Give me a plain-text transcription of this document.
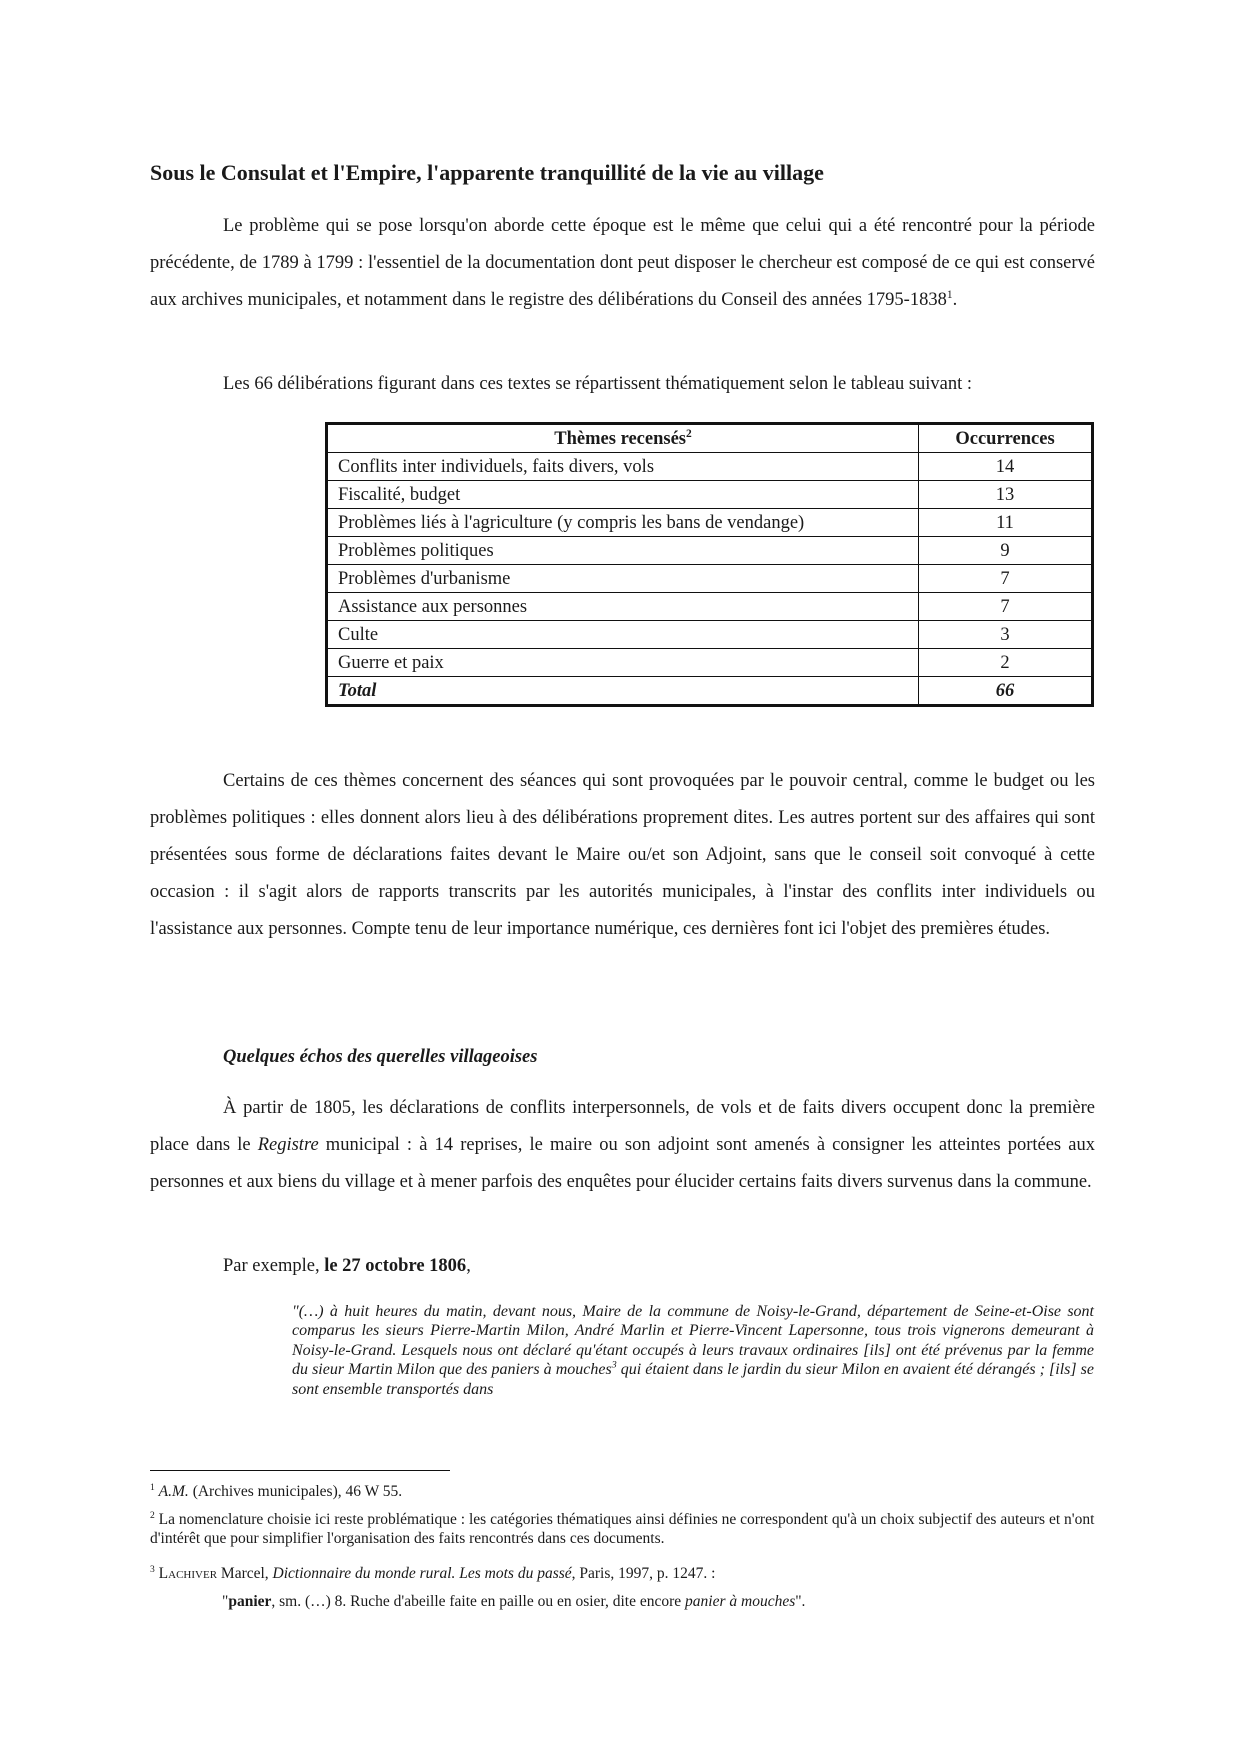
Sous le Consulat et l'Empire, l'apparente tranquillité de la vie au village

Le problème qui se pose lorsqu'on aborde cette époque est le même que celui qui a été rencontré pour la période précédente, de 1789 à 1799 : l'essentiel de la documentation dont peut disposer le chercheur est composé de ce qui est conservé aux archives municipales, et notamment dans le registre des délibérations du Conseil des années 1795-1838$^1$.

Les 66 délibérations figurant dans ces textes se répartissent thématiquement selon le tableau suivant :

Thèmes recensés$^2$	Occurrences
Conflits inter individuels, faits divers, vols	14
Fiscalité, budget	13
Problèmes liés à l'agriculture (y compris les bans de vendange)	11
Problèmes politiques	9
Problèmes d'urbanisme	7
Assistance aux personnes	7
Culte	3
Guerre et paix	2
Total	66

Certains de ces thèmes concernent des séances qui sont provoquées par le pouvoir central, comme le budget ou les problèmes politiques : elles donnent alors lieu à des délibérations proprement dites. Les autres portent sur des affaires qui sont présentées sous forme de déclarations faites devant le Maire ou/et son Adjoint, sans que le conseil soit convoqué à cette occasion : il s'agit alors de rapports transcrits par les autorités municipales, à l'instar des conflits inter individuels ou l'assistance aux personnes. Compte tenu de leur importance numérique, ces dernières font ici l'objet des premières études.

Quelques échos des querelles villageoises

À partir de 1805, les déclarations de conflits interpersonnels, de vols et de faits divers occupent donc la première place dans le Registre municipal : à 14 reprises, le maire ou son adjoint sont amenés à consigner les atteintes portées aux personnes et aux biens du village et à mener parfois des enquêtes pour élucider certains faits divers survenus dans la commune.

Par exemple, le 27 octobre 1806,

"(…) à huit heures du matin, devant nous, Maire de la commune de Noisy-le-Grand, département de Seine-et-Oise sont comparus les sieurs Pierre-Martin Milon, André Marlin et Pierre-Vincent Lapersonne, tous trois vignerons demeurant à Noisy-le-Grand. Lesquels nous ont déclaré qu'étant occupés à leurs travaux ordinaires [ils] ont été prévenus par la femme du sieur Martin Milon que des paniers à mouches$^3$ qui étaient dans le jardin du sieur Milon en avaient été dérangés ; [ils] se sont ensemble transportés dans

$^1$ A.M. (Archives municipales), 46 W 55.

$^2$ La nomenclature choisie ici reste problématique : les catégories thématiques ainsi définies ne correspondent qu'à un choix subjectif des auteurs et n'ont d'intérêt que pour simplifier l'organisation des faits rencontrés dans ces documents.

$^3$ Lachiver Marcel, Dictionnaire du monde rural. Les mots du passé, Paris, 1997, p. 1247. :

"panier, sm. (…) 8. Ruche d'abeille faite en paille ou en osier, dite encore panier à mouches".
